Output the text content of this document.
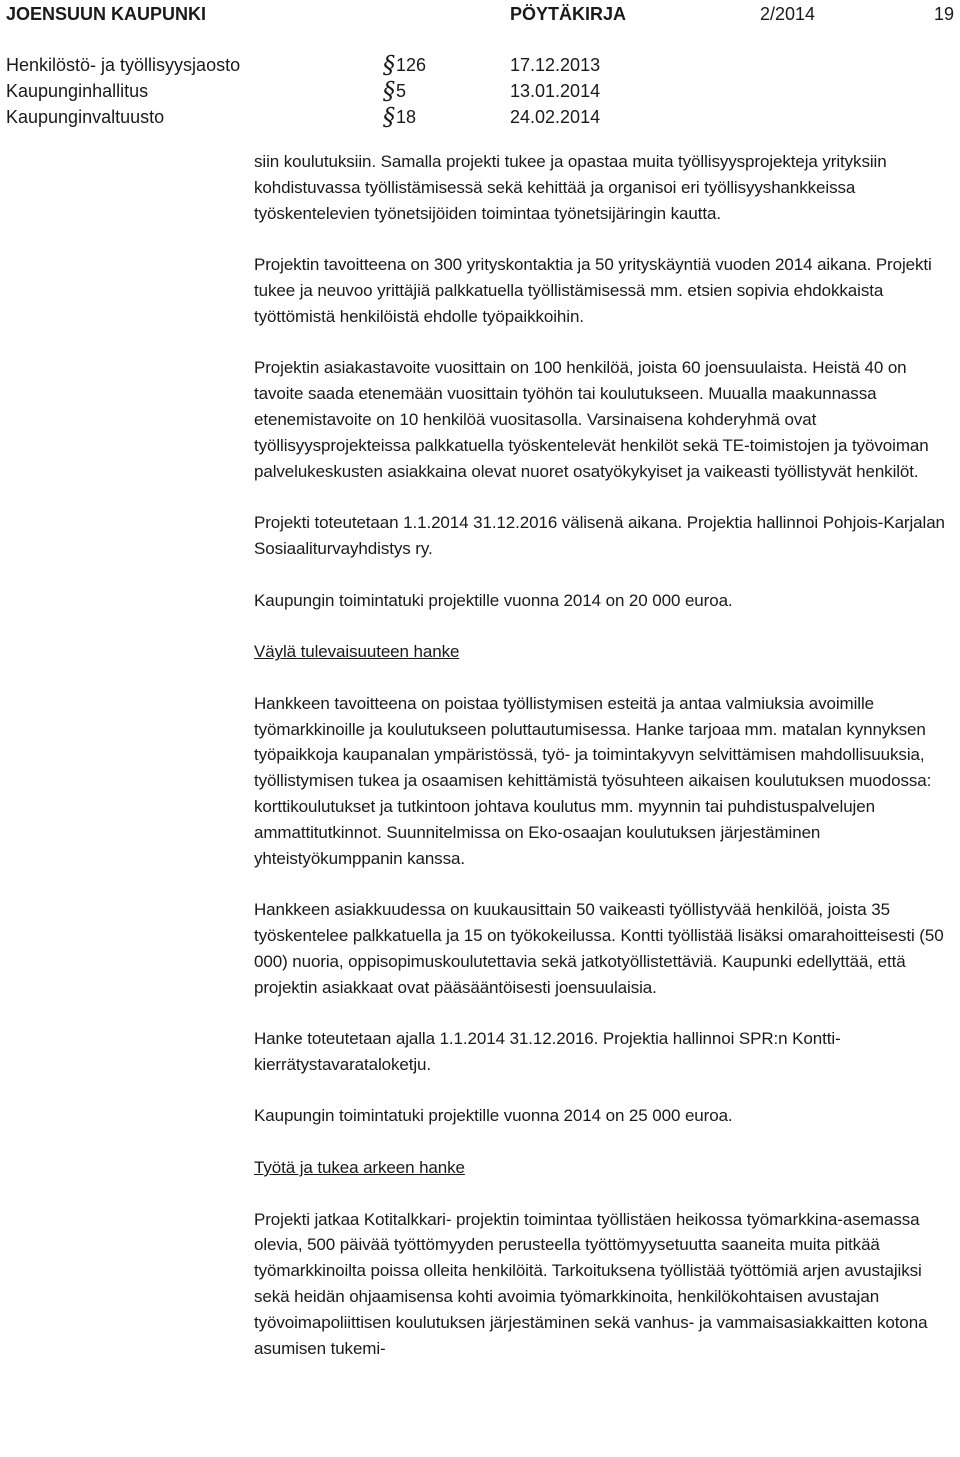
JOENSUUN KAUPUNKI	PÖYTÄKIRJA	2/2014	19
Henkilöstö- ja työllisyysjaosto	§ 126	17.12.2013
Kaupunginhallitus	§ 5	13.01.2014
Kaupunginvaltuusto	§ 18	24.02.2014

siin koulutuksiin. Samalla projekti tukee ja opastaa muita työllisyysprojekteja yrityksiin kohdistuvassa työllistämisessä sekä kehittää ja organisoi eri työllisyyshankkeissa työskentelevien työnetsijöiden toimintaa työnetsijäringin kautta.

Projektin tavoitteena on 300 yrityskontaktia ja 50 yrityskäyntiä vuoden 2014 aikana. Projekti tukee ja neuvoo yrittäjiä palkkatuella työllistämisessä mm. etsien sopivia ehdokkaista työttömistä henkilöistä ehdolle työpaikkoihin.

Projektin asiakastavoite vuosittain on 100 henkilöä, joista 60 joensuulaista. Heistä 40 on tavoite saada etenemään vuosittain työhön tai koulutukseen. Muualla maakunnassa etenemistavoite on 10 henkilöä vuositasolla. Varsinaisena kohderyhmä ovat työllisyysprojekteissa palkkatuella työskentelevät henkilöt sekä TE-toimistojen ja työvoiman palvelukeskusten asiakkaina olevat nuoret osatyökykyiset ja vaikeasti työllistyvät henkilöt.

Projekti toteutetaan 1.1.2014 31.12.2016 välisenä aikana. Projektia hallinnoi Pohjois-Karjalan Sosiaaliturvayhdistys ry.

Kaupungin toimintatuki projektille vuonna 2014 on 20 000 euroa.

Väylä tulevaisuuteen hanke

Hankkeen tavoitteena on poistaa työllistymisen esteitä ja antaa valmiuksia avoimille työmarkkinoille ja koulutukseen poluttautumisessa. Hanke tarjoaa mm. matalan kynnyksen työpaikkoja kaupanalan ympäristössä, työ- ja toimintakyvyn selvittämisen mahdollisuuksia, työllistymisen tukea ja osaamisen kehittämistä työsuhteen aikaisen koulutuksen muodossa: korttikoulutukset ja tutkintoon johtava koulutus mm. myynnin tai puhdistuspalvelujen ammattitutkinnot. Suunnitelmissa on Eko-osaajan koulutuksen järjestäminen yhteistyökumppanin kanssa.

Hankkeen asiakkuudessa on kuukausittain 50 vaikeasti työllistyvää henkilöä, joista 35 työskentelee palkkatuella ja 15 on työkokeilussa. Kontti työllistää lisäksi omarahoitteisesti (50 000) nuoria, oppisopimuskoulutettavia sekä jatkotyöllistettäviä. Kaupunki edellyttää, että projektin asiakkaat ovat pääsääntöisesti joensuulaisia.

Hanke toteutetaan ajalla 1.1.2014 31.12.2016. Projektia hallinnoi SPR:n Kontti-kierrätystavarataloketju.

Kaupungin toimintatuki projektille vuonna 2014 on 25 000 euroa.

Työtä ja tukea arkeen hanke

Projekti jatkaa Kotitalkkari- projektin toimintaa työllistäen heikossa työmarkkina-asemassa olevia, 500 päivää työttömyyden perusteella työttömyysetuutta saaneita muita pitkää työmarkkinoilta poissa olleita henkilöitä. Tarkoituksena työllistää työttömiä arjen avustajiksi sekä heidän ohjaamisensa kohti avoimia työmarkkinoita, henkilökohtaisen avustajan työvoimapoliittisen koulutuksen järjestäminen sekä vanhus- ja vammaisasiakkaitten kotona asumisen tukemi-
